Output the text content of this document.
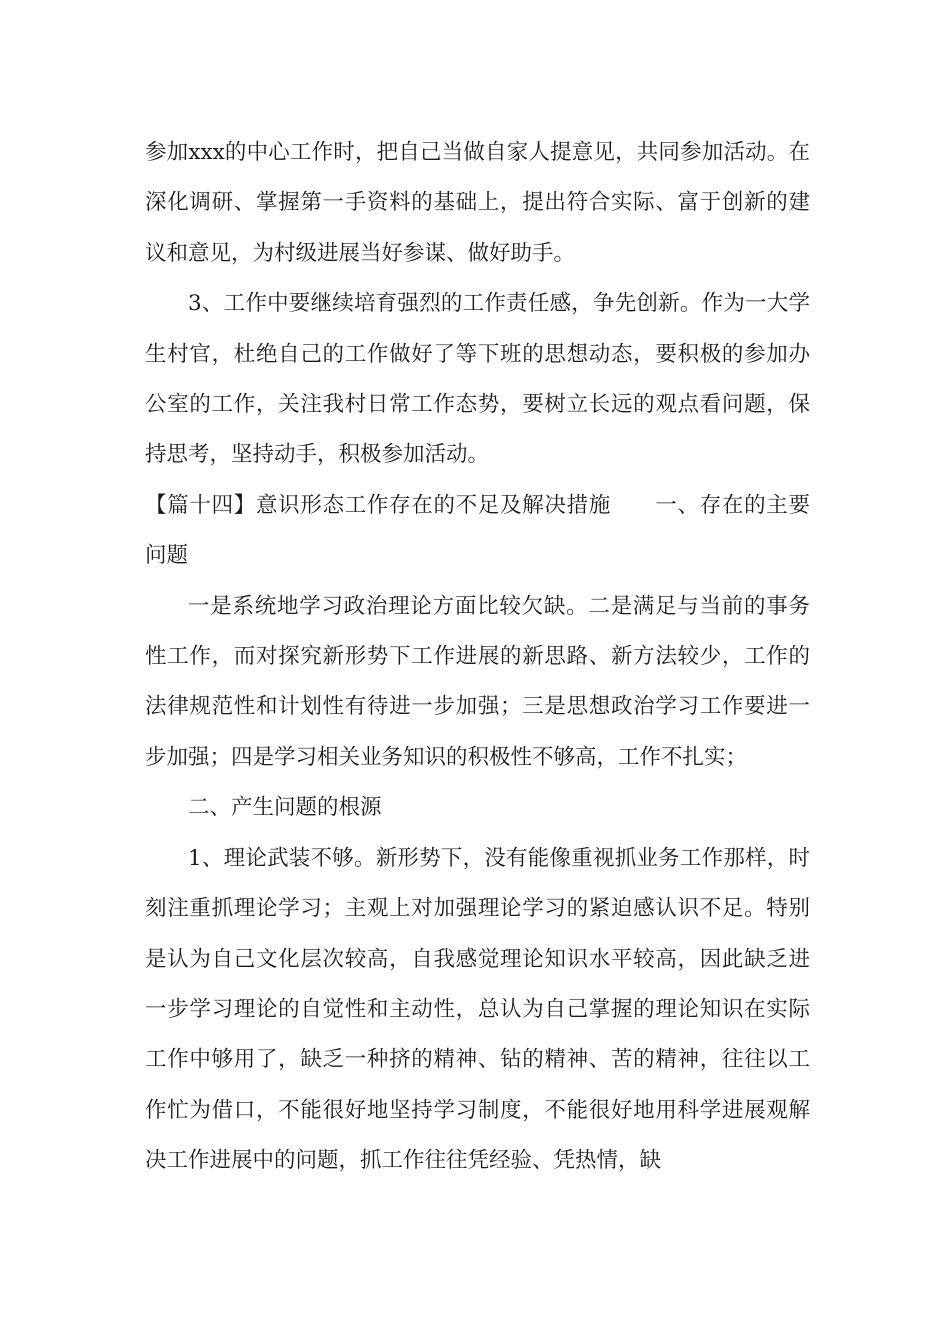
参加xxx的中心工作时，把自己当做自家人提意见，共同参加活动。在深化调研、掌握第一手资料的基础上，提出符合实际、富于创新的建议和意见，为村级进展当好参谋、做好助手。

3、工作中要继续培育强烈的工作责任感，争先创新。作为一大学生村官，杜绝自己的工作做好了等下班的思想动态，要积极的参加办公室的工作，关注我村日常工作态势，要树立长远的观点看问题，保持思考，坚持动手，积极参加活动。

【篇十四】意识形态工作存在的不足及解决措施　　一、存在的主要问题

一是系统地学习政治理论方面比较欠缺。二是满足与当前的事务性工作，而对探究新形势下工作进展的新思路、新方法较少，工作的法律规范性和计划性有待进一步加强；三是思想政治学习工作要进一步加强；四是学习相关业务知识的积极性不够高，工作不扎实；

二、产生问题的根源

1、理论武装不够。新形势下，没有能像重视抓业务工作那样，时刻注重抓理论学习；主观上对加强理论学习的紧迫感认识不足。特别是认为自己文化层次较高，自我感觉理论知识水平较高，因此缺乏进一步学习理论的自觉性和主动性，总认为自己掌握的理论知识在实际工作中够用了，缺乏一种挤的精神、钻的精神、苦的精神，往往以工作忙为借口，不能很好地坚持学习制度，不能很好地用科学进展观解决工作进展中的问题，抓工作往往凭经验、凭热情，缺
